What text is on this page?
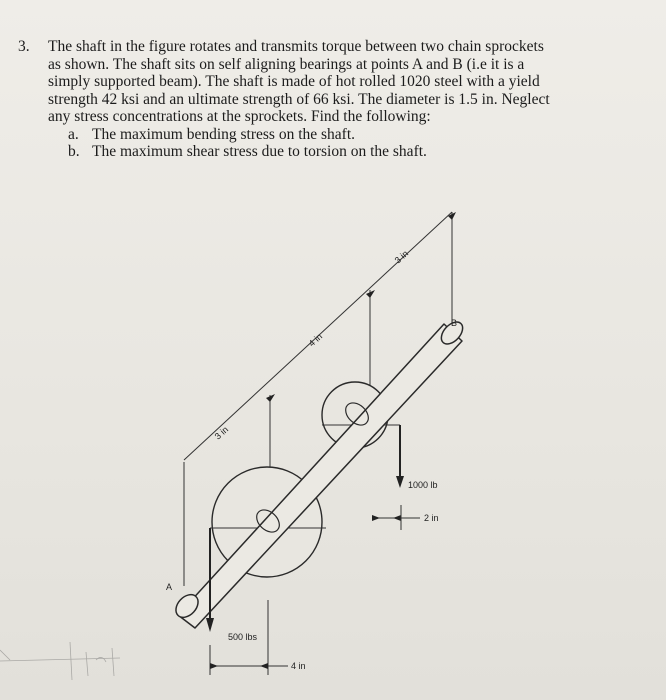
3. The shaft in the figure rotates and transmits torque between two chain sprockets
as shown. The shaft sits on self aligning bearings at points A and B (i.e it is a
simply supported beam). The shaft is made of hot rolled 1020 steel with a yield
strength 42 ksi and an ultimate strength of 66 ksi. The diameter is 1.5 in. Neglect
any stress concentrations at the sprockets. Find the following:
a. The maximum bending stress on the shaft.
b. The maximum shear stress due to torsion on the shaft.
3 in
4 in
3 in
1000 lb
2 in
500 lbs
4 in
A
B
